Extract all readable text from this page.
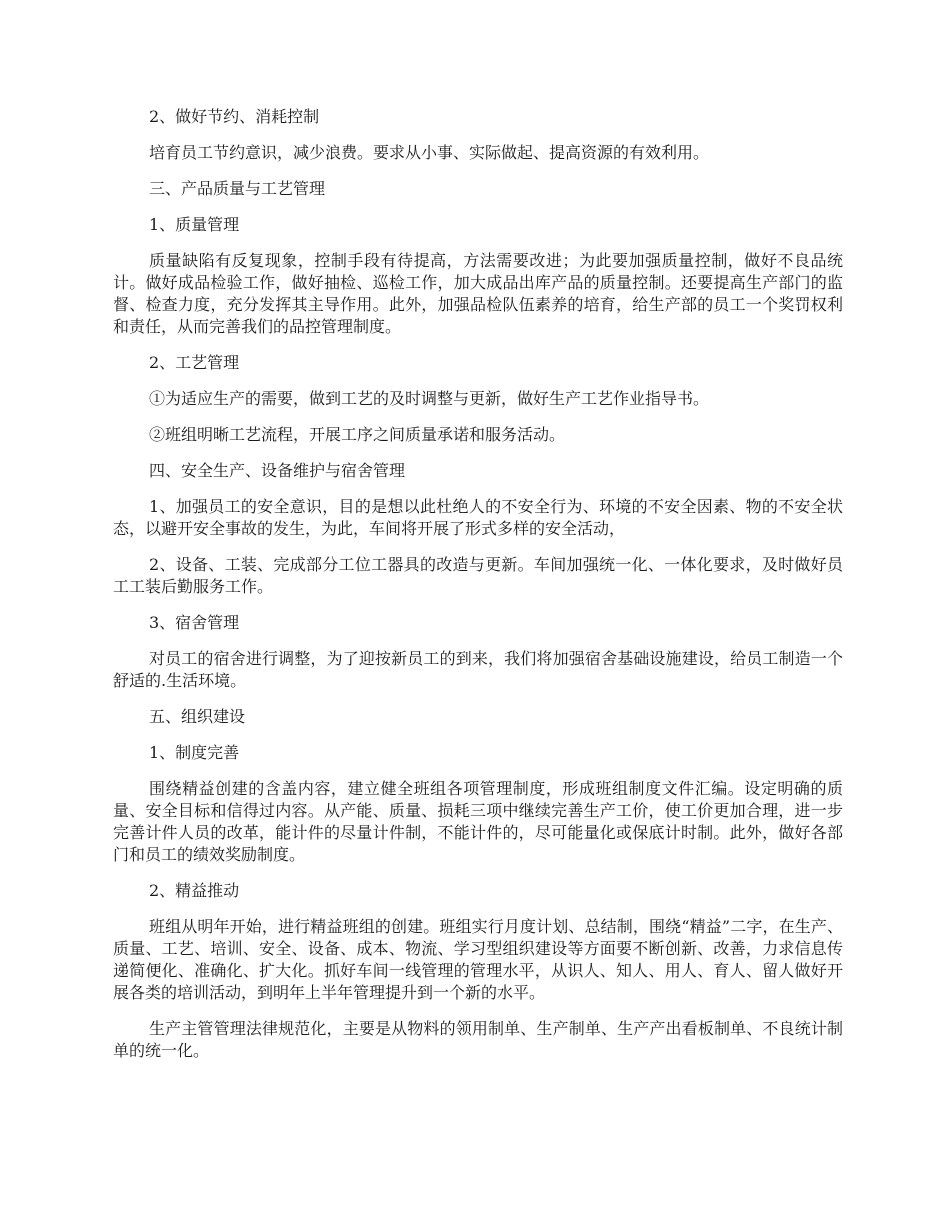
2、做好节约、消耗控制

培育员工节约意识，减少浪费。要求从小事、实际做起、提高资源的有效利用。

三、产品质量与工艺管理

1、质量管理

质量缺陷有反复现象，控制手段有待提高，方法需要改进；为此要加强质量控制，做好不良品统计。做好成品检验工作，做好抽检、巡检工作，加大成品出库产品的质量控制。还要提高生产部门的监督、检查力度，充分发挥其主导作用。此外，加强品检队伍素养的培育，给生产部的员工一个奖罚权利和责任，从而完善我们的品控管理制度。

2、工艺管理

①为适应生产的需要，做到工艺的及时调整与更新，做好生产工艺作业指导书。

②班组明晰工艺流程，开展工序之间质量承诺和服务活动。

四、安全生产、设备维护与宿舍管理

1、加强员工的安全意识，目的是想以此杜绝人的不安全行为、环境的不安全因素、物的不安全状态，以避开安全事故的发生，为此，车间将开展了形式多样的安全活动，

2、设备、工装、完成部分工位工器具的改造与更新。车间加强统一化、一体化要求，及时做好员工工装后勤服务工作。

3、宿舍管理

对员工的宿舍进行调整，为了迎按新员工的到来，我们将加强宿舍基础设施建设，给员工制造一个舒适的.生活环境。

五、组织建设

1、制度完善

围绕精益创建的含盖内容，建立健全班组各项管理制度，形成班组制度文件汇编。设定明确的质量、安全目标和信得过内容。从产能、质量、损耗三项中继续完善生产工价，使工价更加合理，进一步完善计件人员的改革，能计件的尽量计件制，不能计件的，尽可能量化或保底计时制。此外，做好各部门和员工的绩效奖励制度。

2、精益推动

班组从明年开始，进行精益班组的创建。班组实行月度计划、总结制，围绕“精益”二字，在生产、质量、工艺、培训、安全、设备、成本、物流、学习型组织建设等方面要不断创新、改善，力求信息传递简便化、准确化、扩大化。抓好车间一线管理的管理水平，从识人、知人、用人、育人、留人做好开展各类的培训活动，到明年上半年管理提升到一个新的水平。

生产主管管理法律规范化，主要是从物料的领用制单、生产制单、生产产出看板制单、不良统计制单的统一化。
